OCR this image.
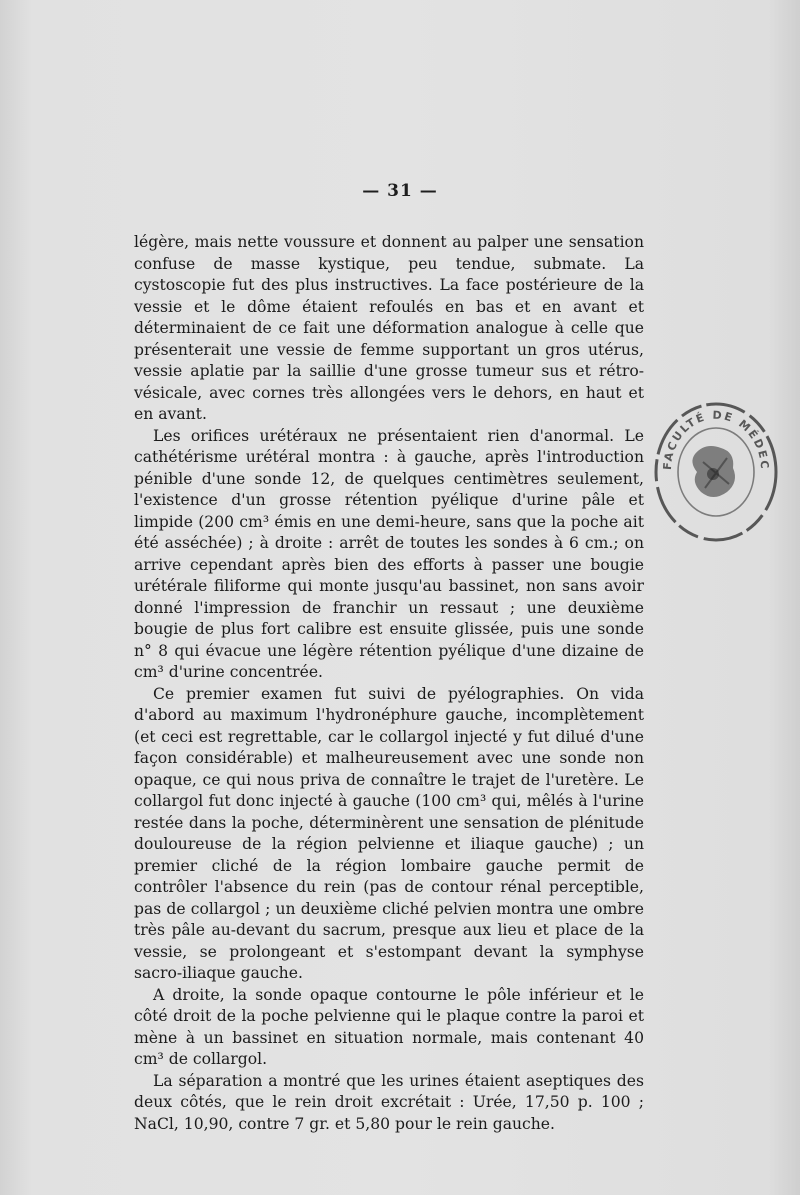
— 31 —

légère, mais nette voussure et donnent au palper une sensation confuse de masse kystique, peu tendue, submate. La cystoscopie fut des plus instructives. La face postérieure de la vessie et le dôme étaient refoulés en bas et en avant et déterminaient de ce fait une déformation analogue à celle que présenterait une vessie de femme supportant un gros utérus, vessie aplatie par la saillie d'une grosse tumeur sus et rétro-vésicale, avec cornes très allongées vers le dehors, en haut et en avant.

Les orifices urétéraux ne présentaient rien d'anormal. Le cathétérisme urétéral montra : à gauche, après l'introduction pénible d'une sonde 12, de quelques centimètres seulement, l'existence d'un grosse rétention pyélique d'urine pâle et limpide (200 cm³ émis en une demi-heure, sans que la poche ait été asséchée) ; à droite : arrêt de toutes les sondes à 6 cm.; on arrive cependant après bien des efforts à passer une bougie urétérale filiforme qui monte jusqu'au bassinet, non sans avoir donné l'impression de franchir un ressaut ; une deuxième bougie de plus fort calibre est ensuite glissée, puis une sonde n° 8 qui évacue une légère rétention pyélique d'une dizaine de cm³ d'urine concentrée.

Ce premier examen fut suivi de pyélographies. On vida d'abord au maximum l'hydronéphure gauche, incomplètement (et ceci est regrettable, car le collargol injecté y fut dilué d'une façon considérable) et malheureusement avec une sonde non opaque, ce qui nous priva de connaître le trajet de l'uretère. Le collargol fut donc injecté à gauche (100 cm³ qui, mêlés à l'urine restée dans la poche, déterminèrent une sensation de plénitude douloureuse de la région pelvienne et iliaque gauche) ; un premier cliché de la région lombaire gauche permit de contrôler l'absence du rein (pas de contour rénal perceptible, pas de collargol ; un deuxième cliché pelvien montra une ombre très pâle au-devant du sacrum, presque aux lieu et place de la vessie, se prolongeant et s'estompant devant la symphyse sacro-iliaque gauche.

A droite, la sonde opaque contourne le pôle inférieur et le côté droit de la poche pelvienne qui le plaque contre la paroi et mène à un bassinet en situation normale, mais contenant 40 cm³ de collargol.

La séparation a montré que les urines étaient aseptiques des deux côtés, que le rein droit excrétait : Urée, 17,50 p. 100 ; NaCl, 10,90, contre 7 gr. et 5,80 pour le rein gauche.

FACULTÉ DE MÉDEC
